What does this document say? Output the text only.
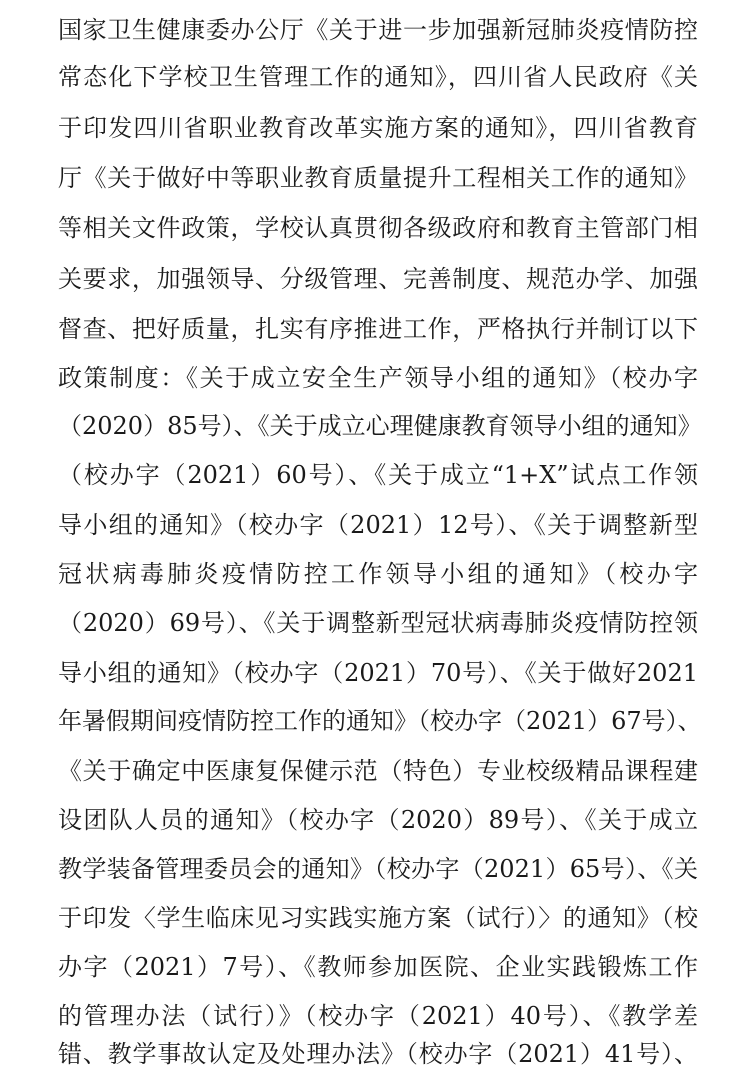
国家卫生健康委办公厅《关于进一步加强新冠肺炎疫情防控
常态化下学校卫生管理工作的通知》，四川省人民政府《关
于印发四川省职业教育改革实施方案的通知》，四川省教育
厅《关于做好中等职业教育质量提升工程相关工作的通知》
等相关文件政策，学校认真贯彻各级政府和教育主管部门相
关要求，加强领导、分级管理、完善制度、规范办学、加强
督查、把好质量，扎实有序推进工作，严格执行并制订以下
政策制度：《关于成立安全生产领导小组的通知》（校办字
（2020）85号）、《关于成立心理健康教育领导小组的通知》
（校办字（2021）60号）、《关于成立“1+X”试点工作领
导小组的通知》（校办字（2021）12号）、《关于调整新型
冠状病毒肺炎疫情防控工作领导小组的通知》（校办字
（2020）69号）、《关于调整新型冠状病毒肺炎疫情防控领
导小组的通知》（校办字（2021）70号）、《关于做好2021
年暑假期间疫情防控工作的通知》（校办字（2021）67号）、
《关于确定中医康复保健示范（特色）专业校级精品课程建
设团队人员的通知》（校办字（2020）89号）、《关于成立
教学装备管理委员会的通知》（校办字（2021）65号）、《关
于印发〈学生临床见习实践实施方案（试行）〉的通知》（校
办字（2021）7号）、《教师参加医院、企业实践锻炼工作
的管理办法（试行）》（校办字（2021）40号）、《教学差
错、教学事故认定及处理办法》（校办字（2021）41号）、
